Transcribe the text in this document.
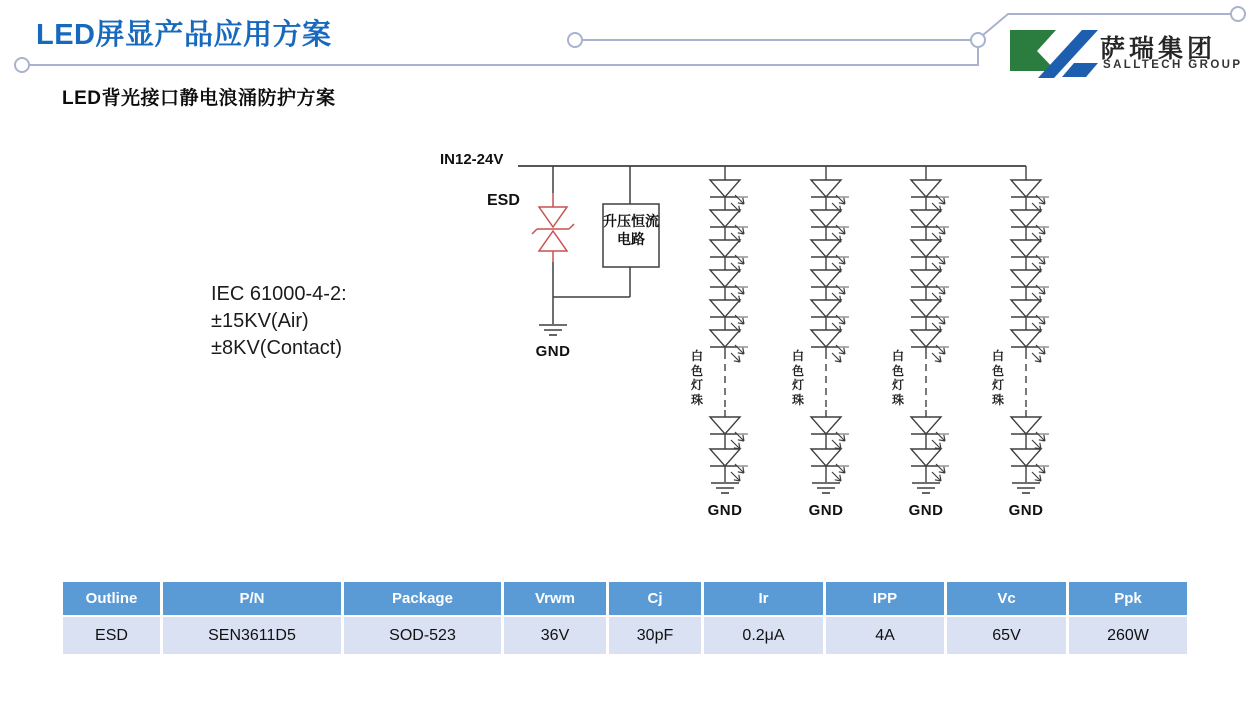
LED屏显产品应用方案
LED背光接口静电浪涌防护方案
萨瑞集团
SALLTECH GROUP
IEC 61000-4-2:
±15KV(Air)
±8KV(Contact)
IN12-24V
ESD
升压恒流电路
GND
GND	GND	GND	GND
白色灯珠
白色灯珠
白色灯珠
白色灯珠
Outline	P/N	Package	Vrwm	Cj	Ir	IPP	Vc	Ppk
ESD	SEN3611D5	SOD-523	36V	30pF	0.2μA	4A	65V	260W
